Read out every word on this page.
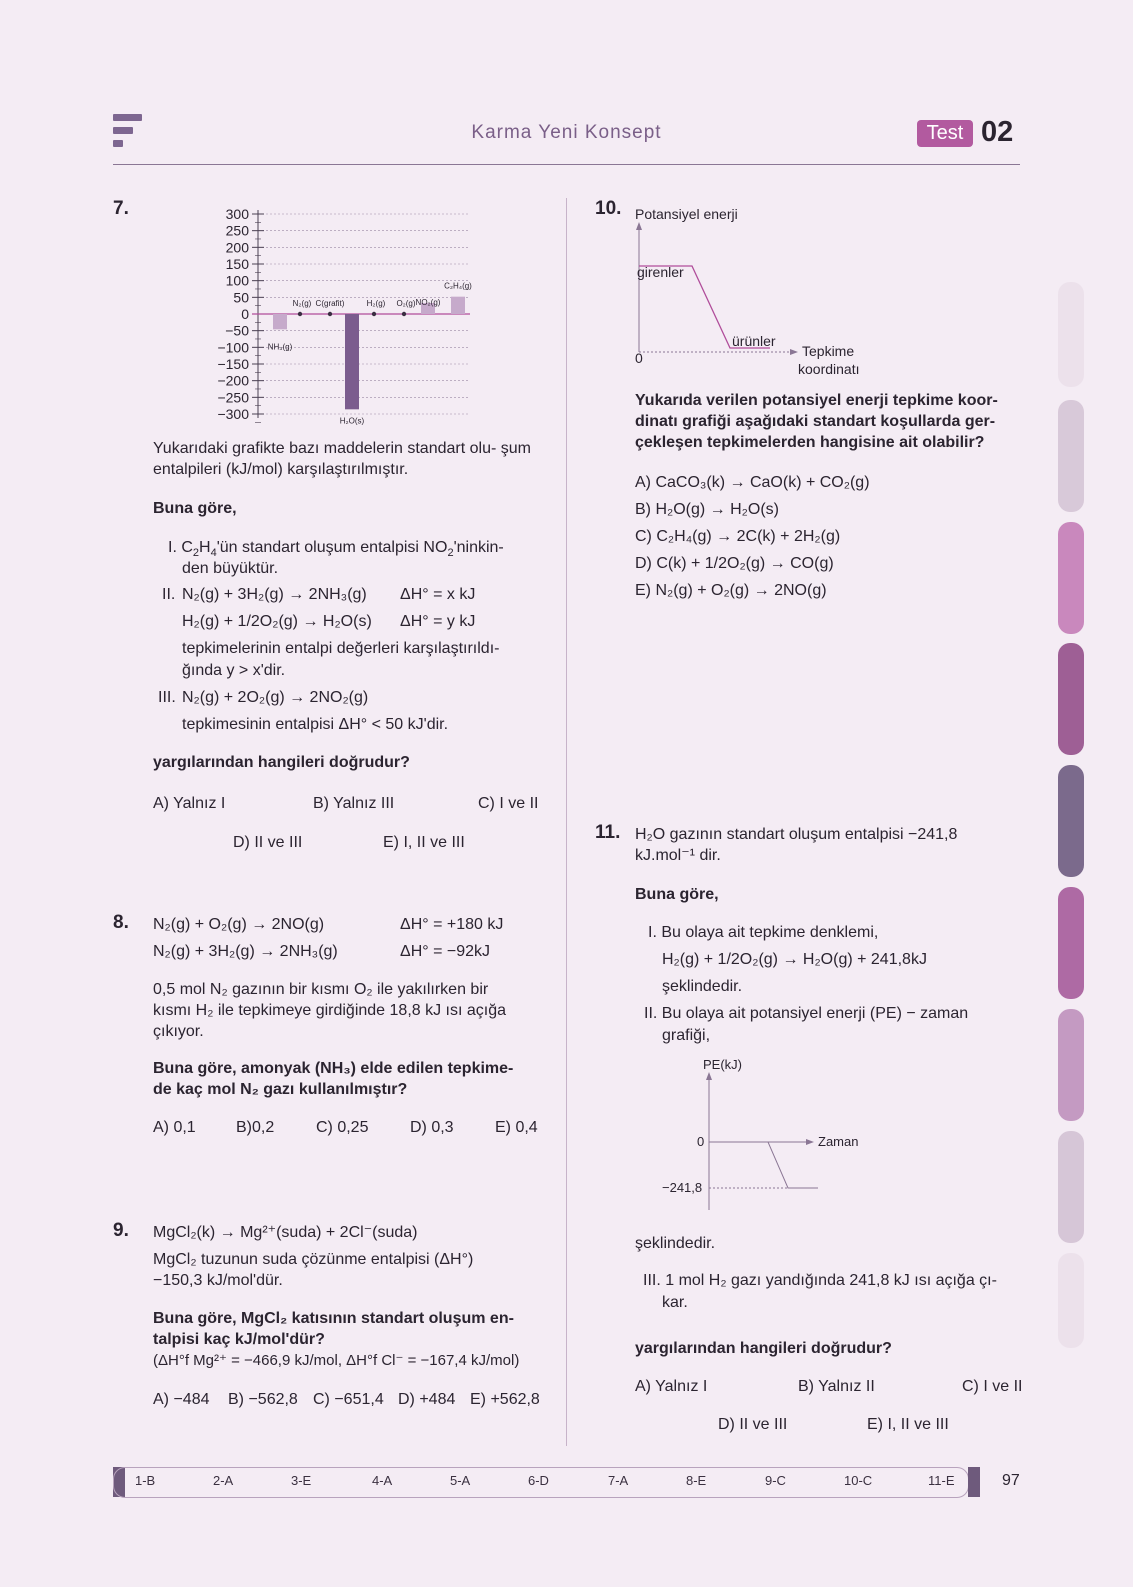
Karma Yeni Konsept	Test 02
7.	300
250
200
150
100
50
0
−50
−100
−150
−200
−250
−300
NH₃(g)
N₂(g) C(grafit)
H₂O(s)
H₂(g) O₂(g) NO₂(g)
C₂H₄(g)
Yukarıdaki grafikte bazı maddelerin standart olu- şum entalpileri (kJ/mol) karşılaştırılmıştır.
Buna göre,
I. $C_2H_4'ün$ standart oluşum entalpisi $NO_2'ninkin-$
den büyüktür.
II. N₂(g) + 3H₂(g) → 2NH₃(g) ΔH° = x kJ
H₂(g) + 1/2O₂(g) → H₂O(s) ΔH° = y kJ
tepkimelerinin entalpi değerleri karşılaştırıldı-
ğında y > x'dir.
III. N₂(g) + 2O₂(g) → 2NO₂(g)
tepkimesinin entalpisi ΔH° < 50 kJ'dir.
yargılarından hangileri doğrudur?
A) Yalnız I	B) Yalnız III	C) I ve II
D) II ve III	E) I, II ve III
8. N₂(g) + O₂(g) → 2NO(g)	ΔH° = +180 kJ
N₂(g) + 3H₂(g) → 2NH₃(g)	ΔH° = −92kJ
0,5 mol N₂ gazının bir kısmı O₂ ile yakılırken bir
kısmı H₂ ile tepkimeye girdiğinde 18,8 kJ ısı açığa
çıkıyor.
Buna göre, amonyak (NH₃) elde edilen tepkime-
de kaç mol N₂ gazı kullanılmıştır?
A) 0,1	B)0,2	C) 0,25	D) 0,3	E) 0,4
9. MgCl₂(k) → Mg²⁺(suda) + 2Cl⁻(suda)
MgCl₂ tuzunun suda çözünme entalpisi (ΔH°)
−150,3 kJ/mol'dür.
Buna göre, MgCl₂ katısının standart oluşum en-
talpisi kaç kJ/mol'dür?
(ΔH°f Mg²⁺ = −466,9 kJ/mol, ΔH°f Cl⁻ = −167,4 kJ/mol)
A) −484 B) −562,8 C) −651,4 D) +484 E) +562,8
10. Potansiyel enerji
girenler
ürünler
0	Tepkime
koordinatı
Yukarıda verilen potansiyel enerji tepkime koor-
dinatı grafiği aşağıdaki standart koşullarda ger-
çekleşen tepkimelerden hangisine ait olabilir?
A) CaCO₃(k) → CaO(k) + CO₂(g)
B) H₂O(g) → H₂O(s)
C) C₂H₄(g) → 2C(k) + 2H₂(g)
D) C(k) + 1/2O₂(g) → CO(g)
E) N₂(g) + O₂(g) → 2NO(g)
11. H₂O gazının standart oluşum entalpisi −241,8
kJ.mol⁻¹ dir.
Buna göre,
I. Bu olaya ait tepkime denklemi,
H₂(g) + 1/2O₂(g) → H₂O(g) + 241,8kJ
şeklindedir.
II. Bu olaya ait potansiyel enerji (PE) − zaman
grafiği,
PE(kJ)
0	Zaman
−241,8
şeklindedir.
III. 1 mol H₂ gazı yandığında 241,8 kJ ısı açığa çı-
kar.
yargılarından hangileri doğrudur?
A) Yalnız I	B) Yalnız II	C) I ve II
D) II ve III	E) I, II ve III
1-B	2-A	3-E	4-A	5-A	6-D	7-A	8-E	9-C	10-C	11-E	97
